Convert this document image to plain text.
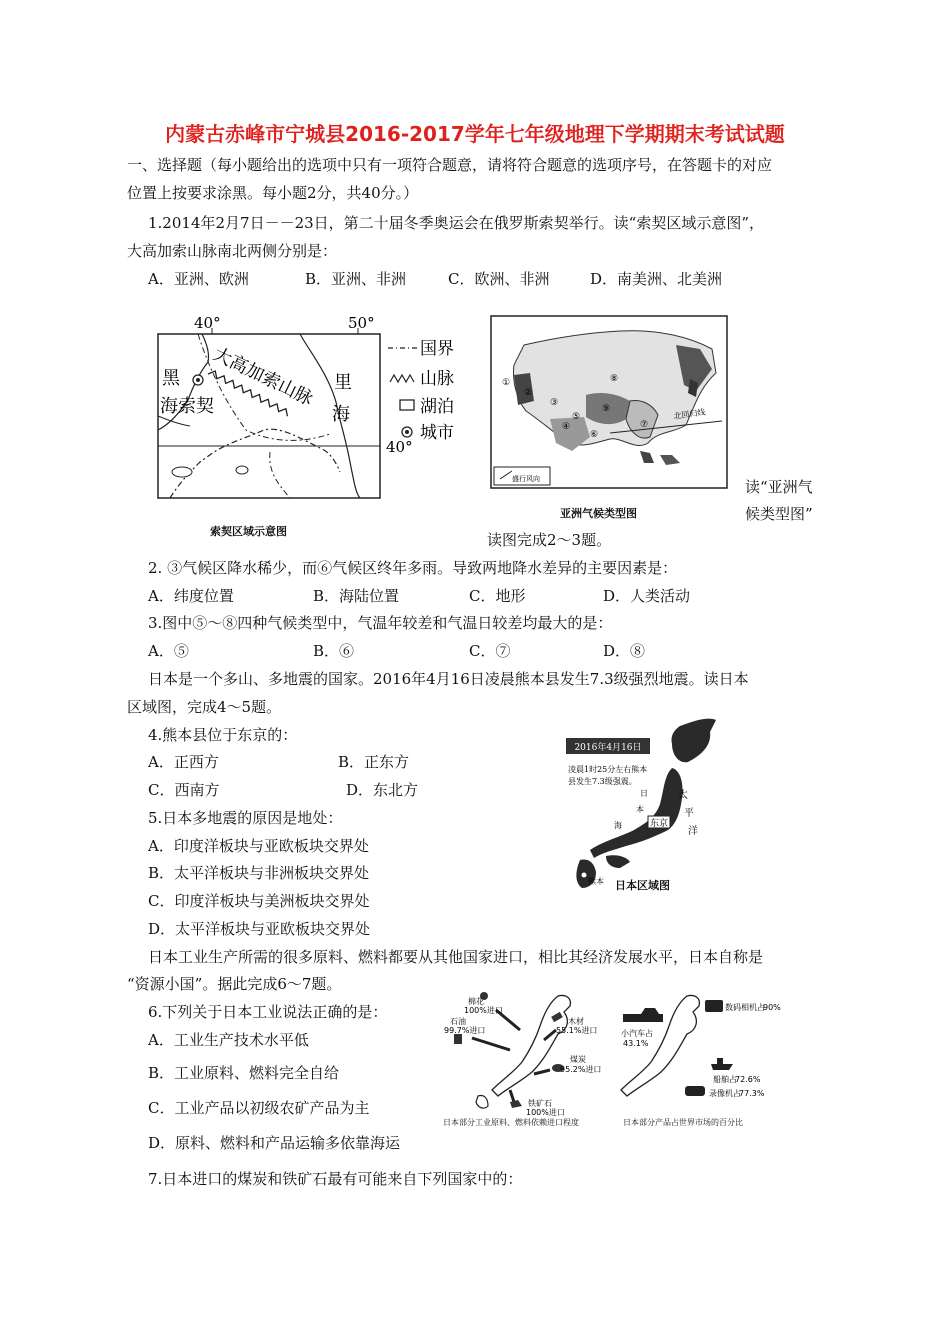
内蒙古赤峰市宁城县2016-2017学年七年级地理下学期期末考试试题
一、选择题（每小题给出的选项中只有一项符合题意，请将符合题意的选项序号，在答题卡的对应
位置上按要求涂黑。每小题2分，共40分。）
1.2014年2月7日－－23日，第二十届冬季奥运会在俄罗斯索契举行。读“索契区域示意图”，
大高加索山脉南北两侧分别是：
A．亚洲、欧洲	B．亚洲、非洲	C．欧洲、非洲	D．南美洲、北美洲
40°	50°
40°
黑
海 索契
大高加索山脉 里
海
国界
山脉
湖泊
城市
索契区域示意图
北回归线
①
②
③
④
⑤
⑥
⑦
⑧
⑨
盛行风向
亚洲气候类型图
读“亚洲气
候类型图”
读图完成2～3题。
2. ③气候区降水稀少，而⑥气候区终年多雨。导致两地降水差异的主要因素是：
A．纬度位置	B．海陆位置	C．地形	D．人类活动
3.图中⑤～⑧四种气候类型中，气温年较差和气温日较差均最大的是：
A．⑤	B．⑥	C．⑦	D．⑧
日本是一个多山、多地震的国家。2016年4月16日凌晨熊本县发生7.3级强烈地震。读日本
区域图，完成4～5题。
4.熊本县位于东京的：
A．正西方	B．正东方
C．西南方	D．东北方
2016年4月16日
凌晨1时25分左右熊本
县发生7.3级强震。
熊本
东京
太
平
洋
日
本
海
日本区域图
5.日本多地震的原因是地处：
A．印度洋板块与亚欧板块交界处
B．太平洋板块与非洲板块交界处
C．印度洋板块与美洲板块交界处
D．太平洋板块与亚欧板块交界处
日本工业生产所需的很多原料、燃料都要从其他国家进口，相比其经济发展水平，日本自称是
“资源小国”。据此完成6～7题。
6.下列关于日本工业说法正确的是：
A．工业生产技术水平低
B．工业原料、燃料完全自给
C．工业产品以初级农矿产品为主
D．原料、燃料和产品运输多依靠海运
棉花
100%进口
石油
99.7%进口
木材
55.1%进口
煤炭
95.2%进口
铁矿石
100%进口
日本部分工业原料、燃料依赖进口程度
小汽车占
43.1%
数码相机占
90%
船舶占
72.6%
录像机占
77.3%
日本部分产品占世界市场的百分比
7.日本进口的煤炭和铁矿石最有可能来自下列国家中的：
